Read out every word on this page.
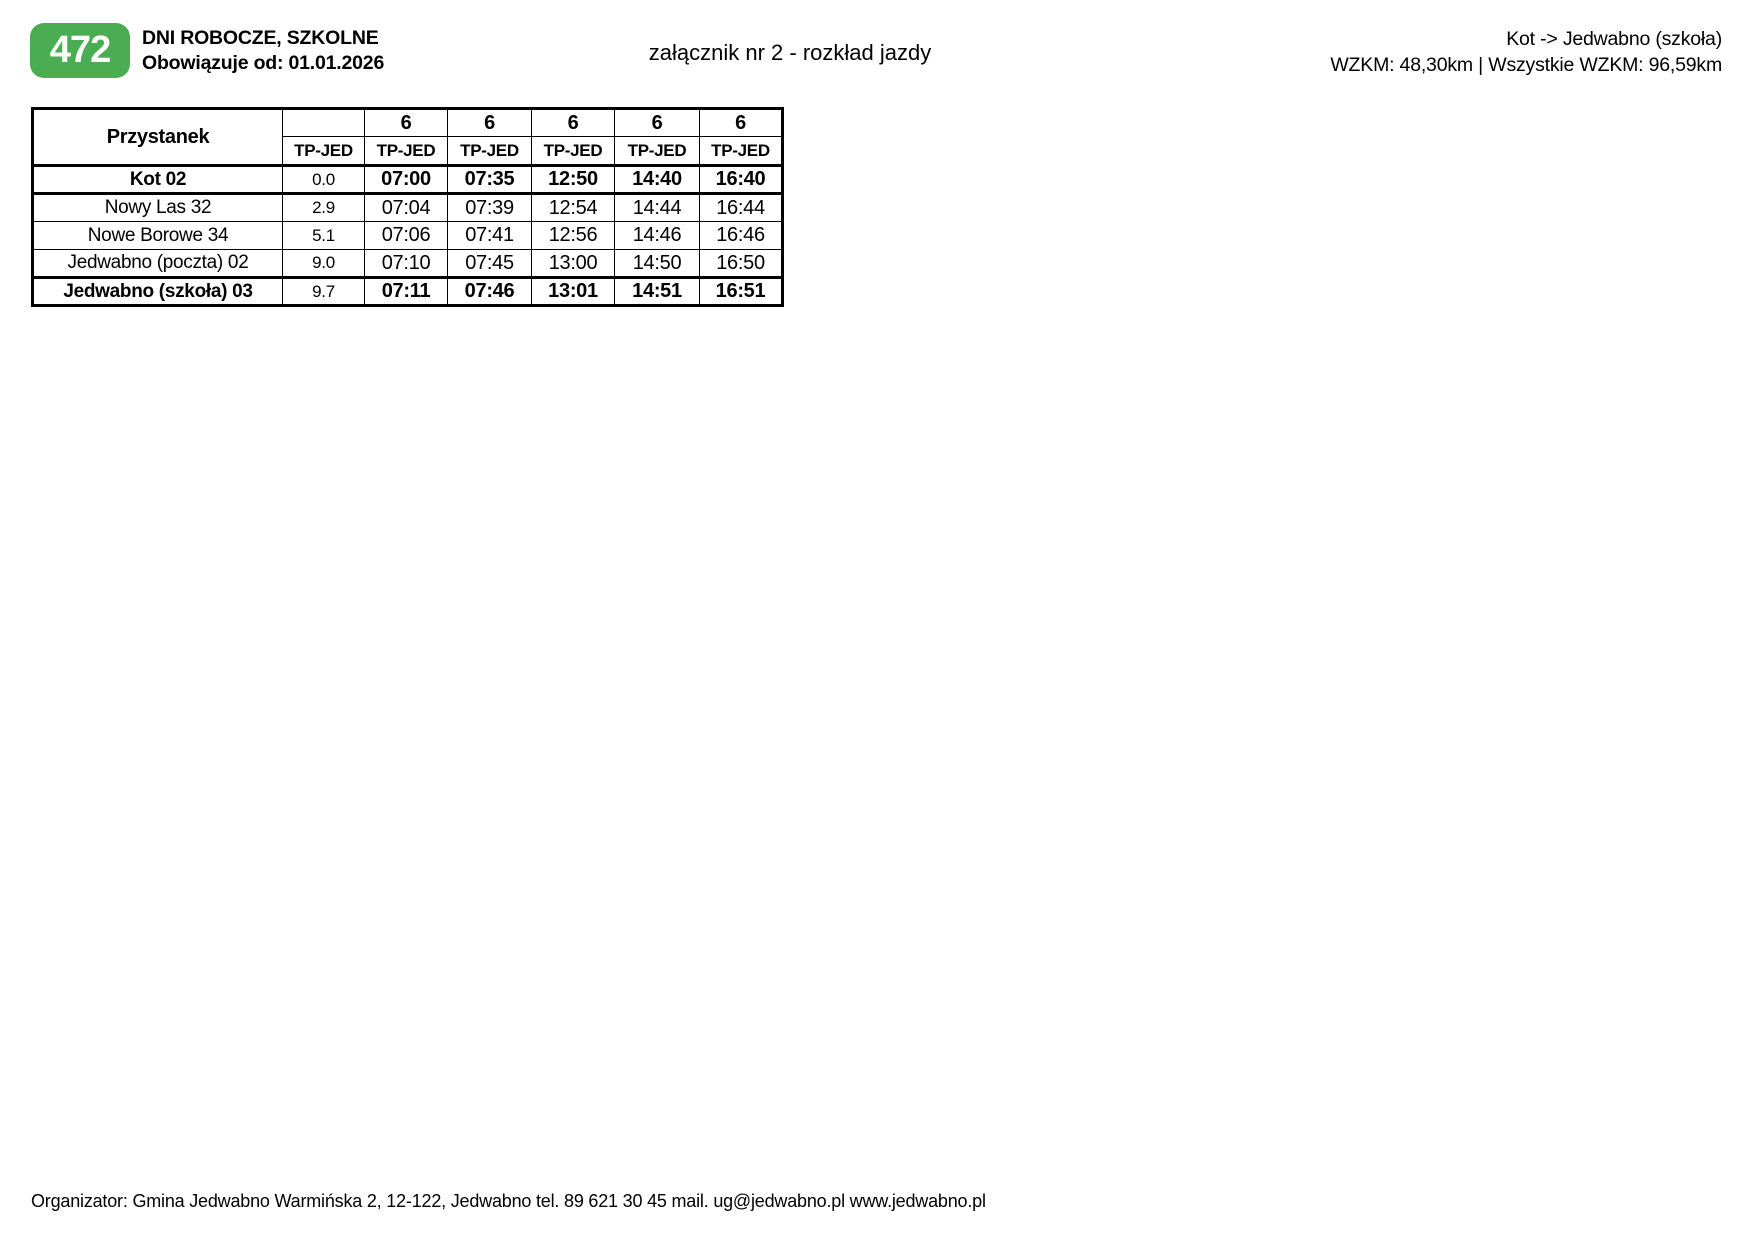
472 DNI ROBOCZE, SZKOLNE
Obowiązuje od: 01.01.2026	załącznik nr 2 - rozkład jazdy
Kot -> Jedwabno (szkoła)
WZKM: 48,30km | Wszystkie WZKM: 96,59km
Przystanek		6	6	6	6	6
	TP-JED	TP-JED	TP-JED	TP-JED	TP-JED	TP-JED
Kot 02	0.0	07:00	07:35	12:50	14:40	16:40
Nowy Las 32	2.9	07:04	07:39	12:54	14:44	16:44
Nowe Borowe 34	5.1	07:06	07:41	12:56	14:46	16:46
Jedwabno (poczta) 02	9.0	07:10	07:45	13:00	14:50	16:50
Jedwabno (szkoła) 03	9.7	07:11	07:46	13:01	14:51	16:51
Organizator: Gmina Jedwabno Warmińska 2, 12-122, Jedwabno tel. 89 621 30 45 mail. ug@jedwabno.pl www.jedwabno.pl
